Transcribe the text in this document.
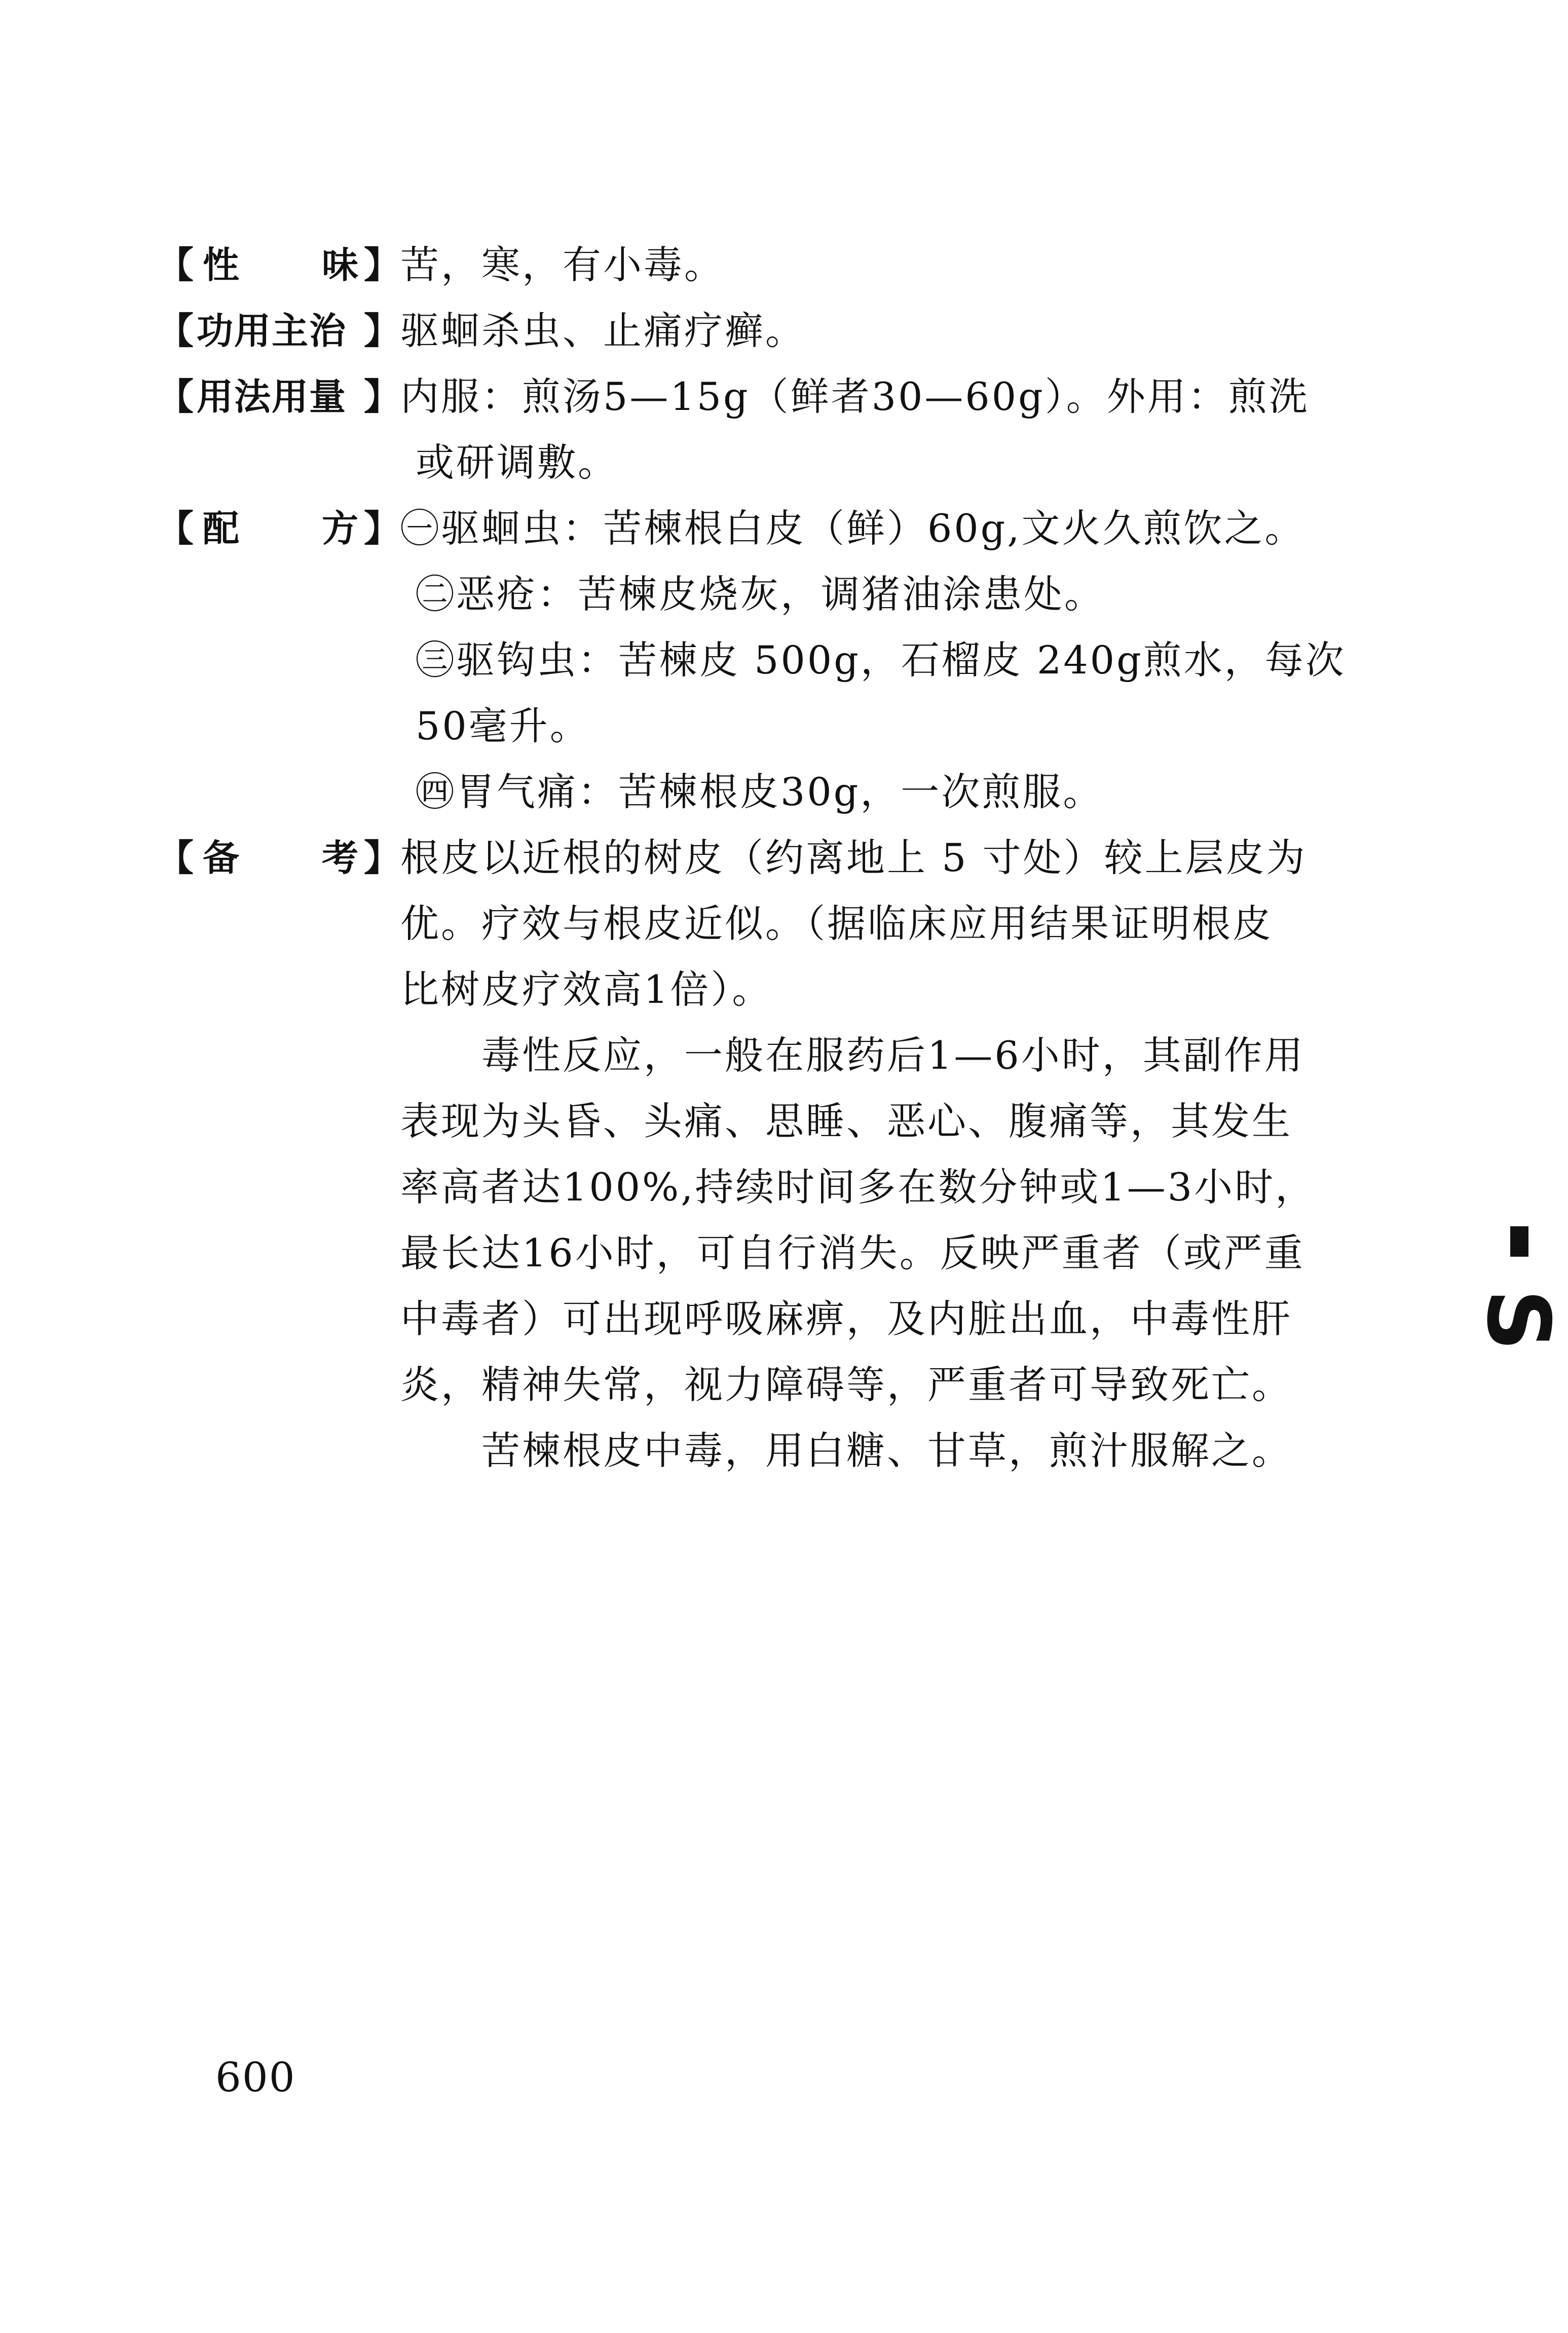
【 性 味 】 苦，寒，有小毒。

【 功用主治 】 驱蛔杀虫、止痛疗癣。

【 用法用量 】 内服：煎汤5—15g（鲜者30—60g）。外用：煎洗

或研调敷。

【 配 方 】 ㊀驱蛔虫：苦楝根白皮（鲜）60g,文火久煎饮之。

㊁恶疮：苦楝皮烧灰，调猪油涂患处。

㊂驱钩虫：苦楝皮 500g，石榴皮 240g煎水，每次

50毫升。

㊃胃气痛：苦楝根皮30g，一次煎服。

【 备 考 】 根皮以近根的树皮（约离地上 5 寸处）较上层皮为

优。疗效与根皮近似。（据临床应用结果证明根皮

比树皮疗效高1倍）。

毒性反应，一般在服药后1—6小时，其副作用

表现为头昏、头痛、思睡、恶心、腹痛等，其发生

率高者达100%,持续时间多在数分钟或1—3小时，

最长达16小时，可自行消失。反映严重者（或严重

中毒者）可出现呼吸麻痹，及内脏出血，中毒性肝

炎，精神失常，视力障碍等，严重者可导致死亡。

苦楝根皮中毒，用白糖、甘草，煎汁服解之。

S
600
